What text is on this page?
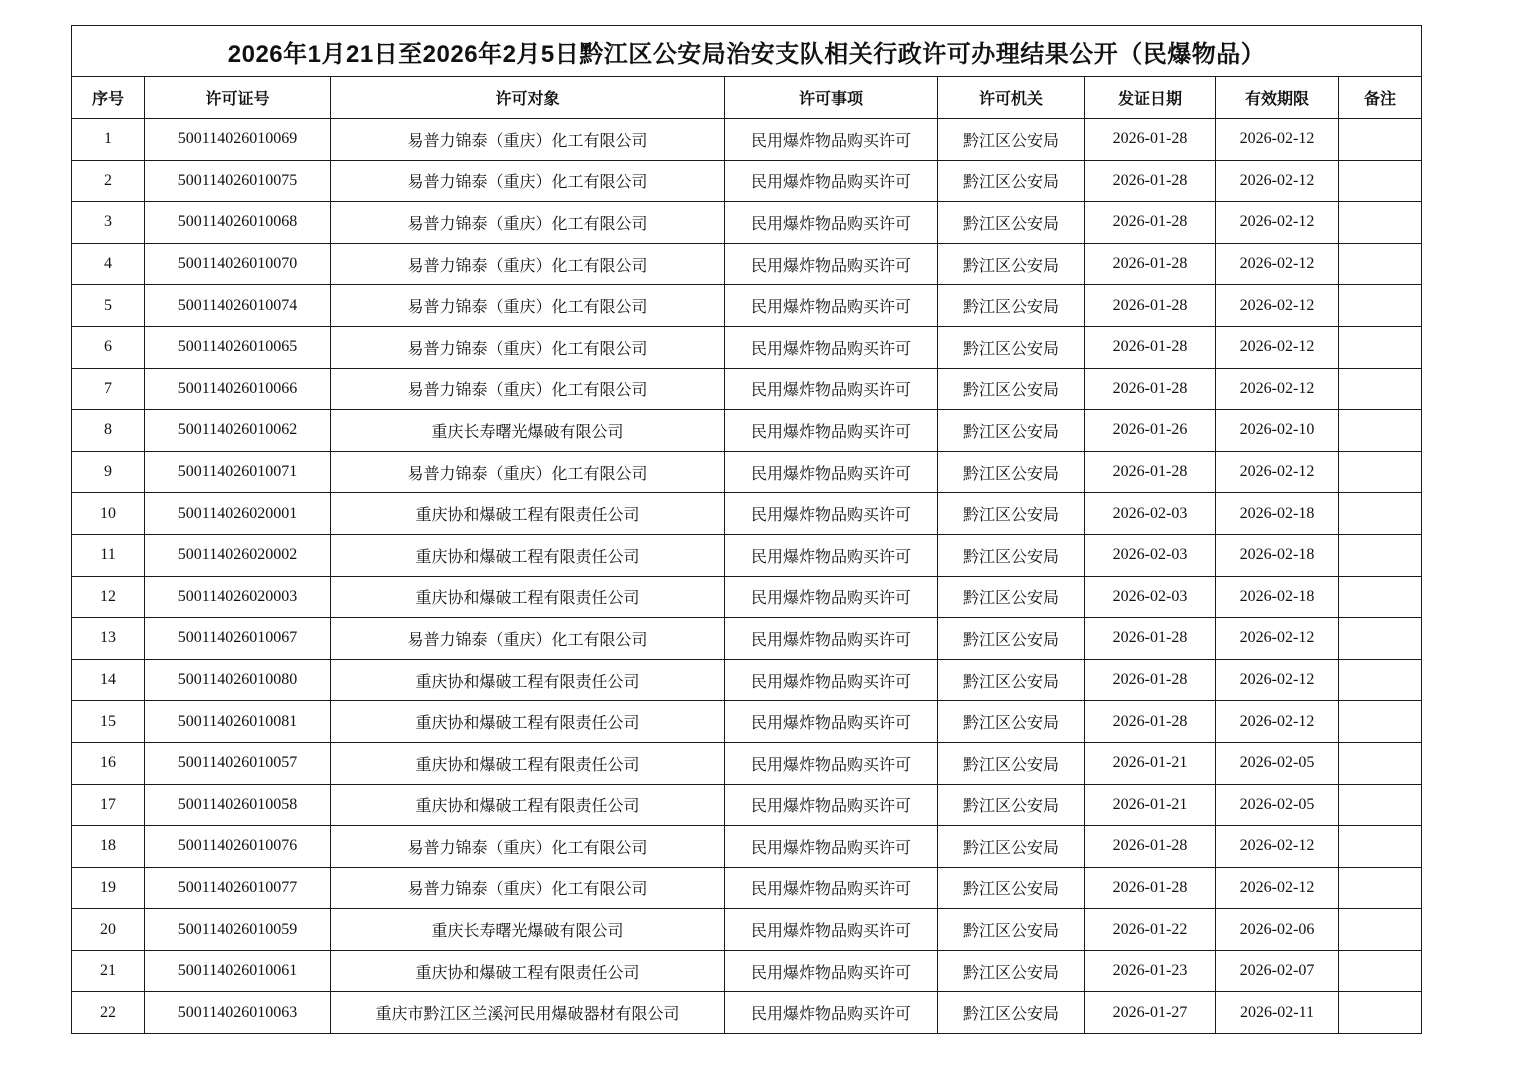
2026年1月21日至2026年2月5日黔江区公安局治安支队相关行政许可办理结果公开（民爆物品）							
序号	许可证号	许可对象	许可事项	许可机关	发证日期	有效期限	备注
1	500114026010069	易普力锦泰（重庆）化工有限公司	民用爆炸物品购买许可	黔江区公安局	2026-01-28	2026-02-12	
2	500114026010075	易普力锦泰（重庆）化工有限公司	民用爆炸物品购买许可	黔江区公安局	2026-01-28	2026-02-12	
3	500114026010068	易普力锦泰（重庆）化工有限公司	民用爆炸物品购买许可	黔江区公安局	2026-01-28	2026-02-12	
4	500114026010070	易普力锦泰（重庆）化工有限公司	民用爆炸物品购买许可	黔江区公安局	2026-01-28	2026-02-12	
5	500114026010074	易普力锦泰（重庆）化工有限公司	民用爆炸物品购买许可	黔江区公安局	2026-01-28	2026-02-12	
6	500114026010065	易普力锦泰（重庆）化工有限公司	民用爆炸物品购买许可	黔江区公安局	2026-01-28	2026-02-12	
7	500114026010066	易普力锦泰（重庆）化工有限公司	民用爆炸物品购买许可	黔江区公安局	2026-01-28	2026-02-12	
8	500114026010062	重庆长寿曙光爆破有限公司	民用爆炸物品购买许可	黔江区公安局	2026-01-26	2026-02-10	
9	500114026010071	易普力锦泰（重庆）化工有限公司	民用爆炸物品购买许可	黔江区公安局	2026-01-28	2026-02-12	
10	500114026020001	重庆协和爆破工程有限责任公司	民用爆炸物品购买许可	黔江区公安局	2026-02-03	2026-02-18	
11	500114026020002	重庆协和爆破工程有限责任公司	民用爆炸物品购买许可	黔江区公安局	2026-02-03	2026-02-18	
12	500114026020003	重庆协和爆破工程有限责任公司	民用爆炸物品购买许可	黔江区公安局	2026-02-03	2026-02-18	
13	500114026010067	易普力锦泰（重庆）化工有限公司	民用爆炸物品购买许可	黔江区公安局	2026-01-28	2026-02-12	
14	500114026010080	重庆协和爆破工程有限责任公司	民用爆炸物品购买许可	黔江区公安局	2026-01-28	2026-02-12	
15	500114026010081	重庆协和爆破工程有限责任公司	民用爆炸物品购买许可	黔江区公安局	2026-01-28	2026-02-12	
16	500114026010057	重庆协和爆破工程有限责任公司	民用爆炸物品购买许可	黔江区公安局	2026-01-21	2026-02-05	
17	500114026010058	重庆协和爆破工程有限责任公司	民用爆炸物品购买许可	黔江区公安局	2026-01-21	2026-02-05	
18	500114026010076	易普力锦泰（重庆）化工有限公司	民用爆炸物品购买许可	黔江区公安局	2026-01-28	2026-02-12	
19	500114026010077	易普力锦泰（重庆）化工有限公司	民用爆炸物品购买许可	黔江区公安局	2026-01-28	2026-02-12	
20	500114026010059	重庆长寿曙光爆破有限公司	民用爆炸物品购买许可	黔江区公安局	2026-01-22	2026-02-06	
21	500114026010061	重庆协和爆破工程有限责任公司	民用爆炸物品购买许可	黔江区公安局	2026-01-23	2026-02-07	
22	500114026010063	重庆市黔江区兰溪河民用爆破器材有限公司	民用爆炸物品购买许可	黔江区公安局	2026-01-27	2026-02-11	
